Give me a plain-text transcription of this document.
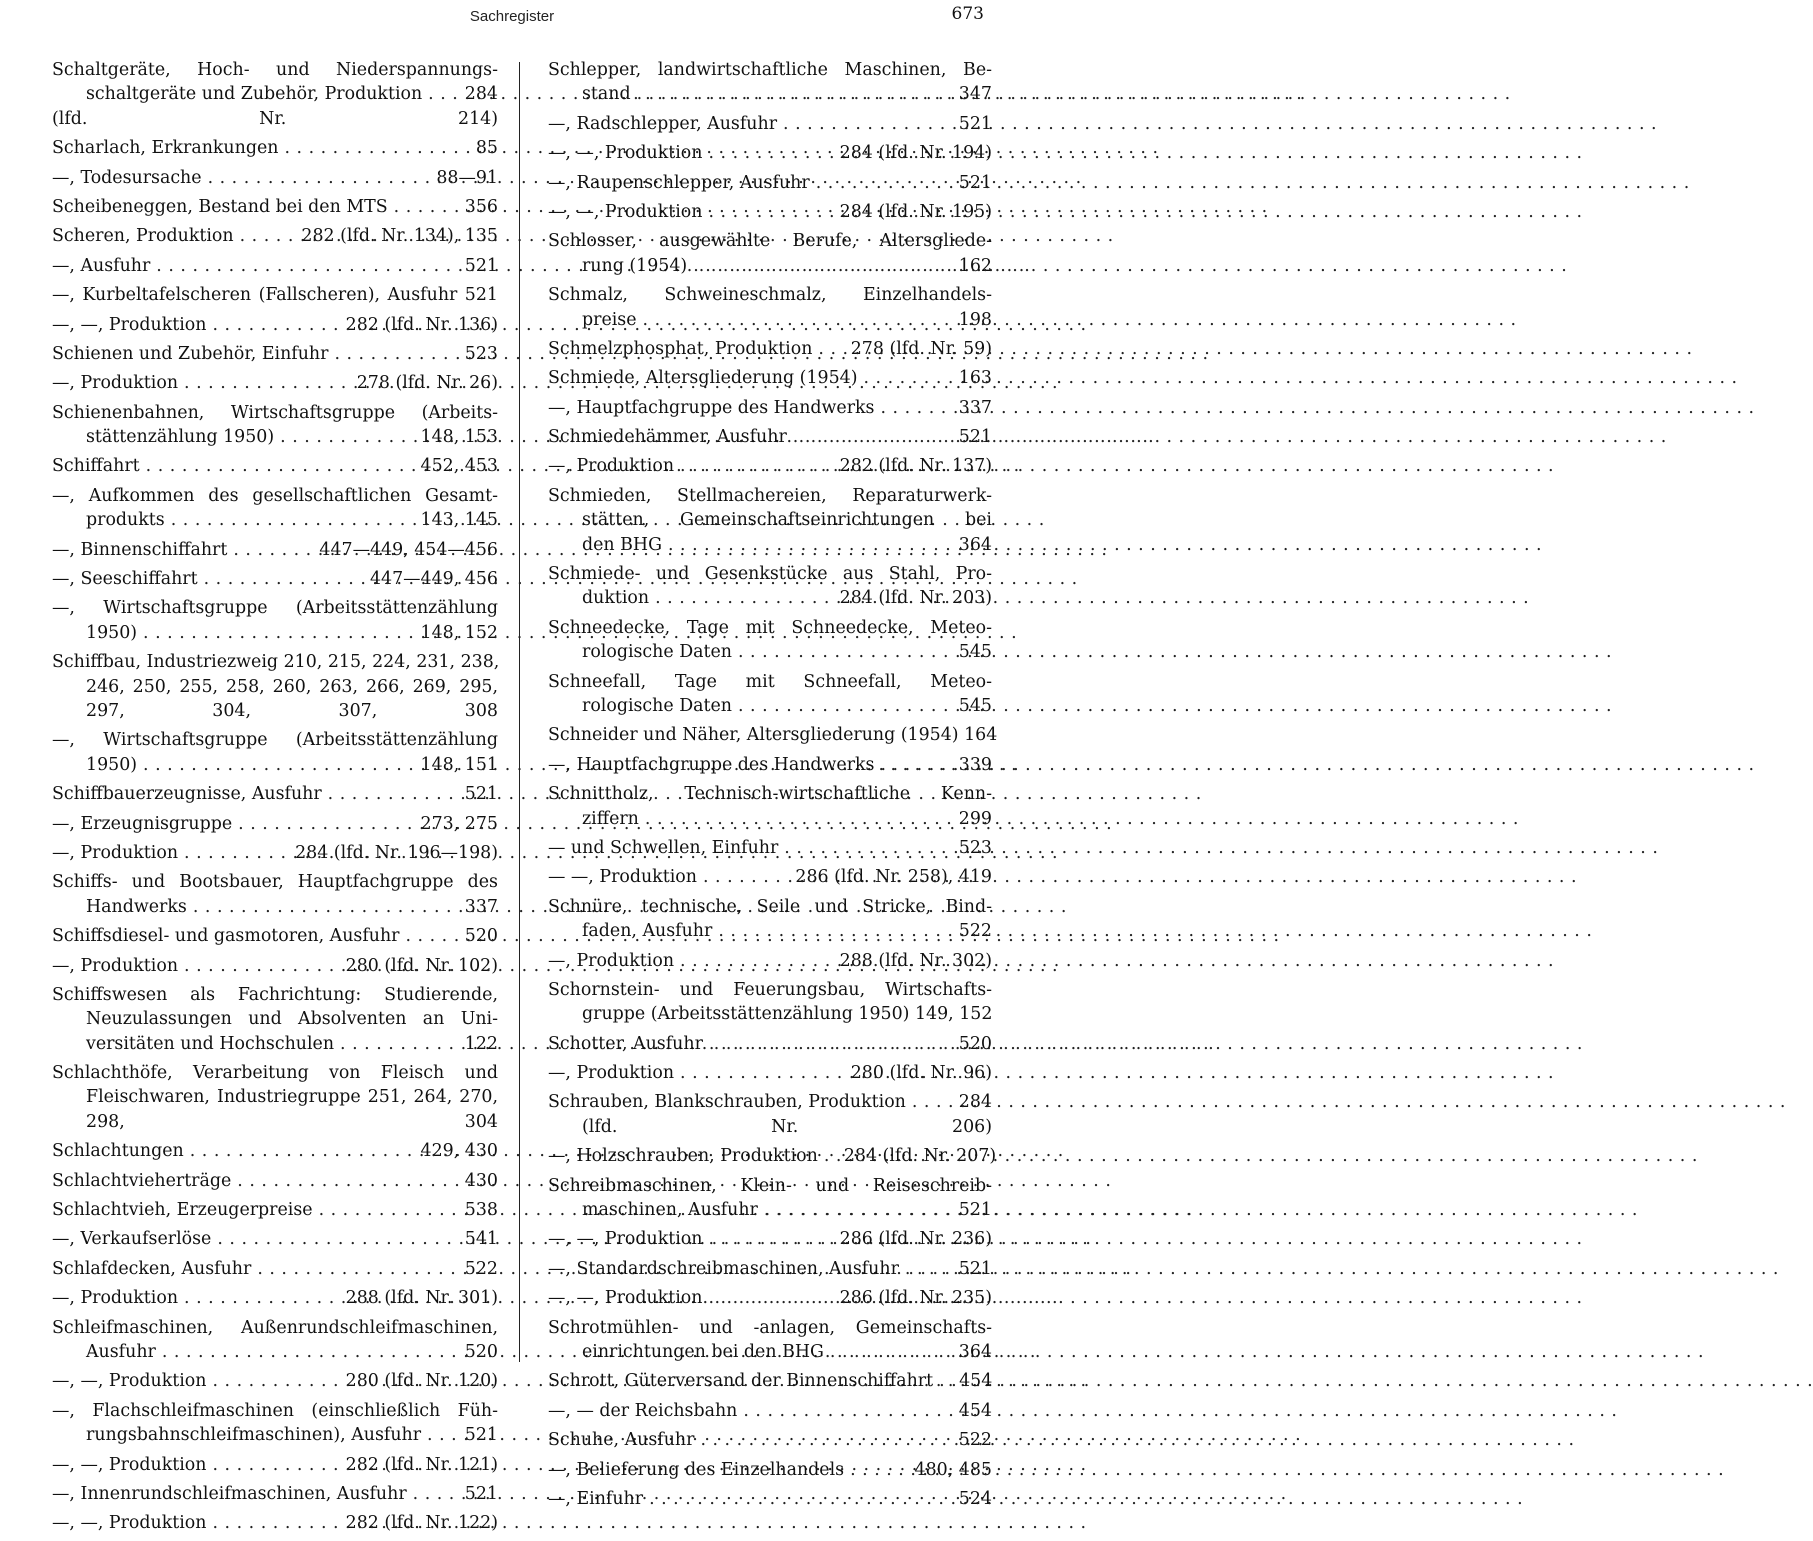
Sachregister	673
Schaltgeräte, Hoch- und Niederspannungs-
schaltgeräte und Zubehör, Produktion . . . 284
(lfd. Nr. 214)
Scharlach, Erkrankungen . . .	85
—, Todesursache . . .	88—91
Scheibeneggen, Bestand bei den MTS . . .	356
Scheren, Produktion . . .	282 (lfd. Nr. 134), 135
—, Ausfuhr . . .	521
—, Kurbeltafelscheren (Fallscheren), Ausfuhr 521
—, —, Produktion . . .	282 (lfd. Nr. 136)
Schienen und Zubehör, Einfuhr . . .	523
—, Produktion . . .	278 (lfd. Nr. 26)
Schienenbahnen, Wirtschaftsgruppe (Arbeits-
stättenzählung 1950) . . .	148, 153
Schiffahrt . . .	452, 453
—, Aufkommen des gesellschaftlichen Gesamt-
produkts . . .	143, 145
—, Binnenschiffahrt . . .	447—449, 454—456
—, Seeschiffahrt . . .	447—449, 456
—, Wirtschaftsgruppe (Arbeitsstättenzählung
1950) . . .	148, 152
Schiffbau, Industriezweig 210, 215, 224, 231, 238,
246, 250, 255, 258, 260, 263, 266, 269, 295,
297, 304, 307, 308
—, Wirtschaftsgruppe (Arbeitsstättenzählung
1950) . . .	148, 151
Schiffbauerzeugnisse, Ausfuhr . . .	521
—, Erzeugnisgruppe . . .	273, 275
—, Produktion . . .	284 (lfd. Nr. 196—198)
Schiffs- und Bootsbauer, Hauptfachgruppe des
Handwerks . . .	337
Schiffsdiesel- und gasmotoren, Ausfuhr . . .	520
—, Produktion . . .	280 (lfd. Nr. 102)
Schiffswesen als Fachrichtung: Studierende,
Neuzulassungen und Absolventen an Uni-
versitäten und Hochschulen . . .	122
Schlachthöfe, Verarbeitung von Fleisch und
Fleischwaren, Industriegruppe 251, 264, 270,
298, 304
Schlachtungen . . .	429, 430
Schlachtvieherträge . . .	430
Schlachtvieh, Erzeugerpreise . . .	538
—, Verkaufserlöse . . .	541
Schlafdecken, Ausfuhr . . .	522
—, Produktion . . .	288 (lfd. Nr. 301)
Schleifmaschinen, Außenrundschleifmaschinen,
Ausfuhr . . .	520
—, —, Produktion . . .	280 (lfd. Nr. 120)
—, Flachschleifmaschinen (einschließlich Füh-
rungsbahnschleifmaschinen), Ausfuhr . . .	521
—, —, Produktion . . .	282 (lfd. Nr. 121)
—, Innenrundschleifmaschinen, Ausfuhr . . .	521
—, —, Produktion . . .	282 (lfd. Nr. 122)
Schlepper, landwirtschaftliche Maschinen, Be-
stand . . .	347
—, Radschlepper, Ausfuhr . . .	521
—, —, Produktion . . .	284 (lfd. Nr. 194)
—, Raupenschlepper, Ausfuhr . . .	521
—, —, Produktion . . .	284 (lfd. Nr. 195)
Schlosser, ausgewählte Berufe, Altersgliede-
rung (1954) . . .	162
Schmalz, Schweineschmalz, Einzelhandels-
preise . . .	198
Schmelzphosphat, Produktion . . . 278 (lfd. Nr. 59)
Schmiede, Altersgliederung (1954) . . .	163
—, Hauptfachgruppe des Handwerks . . .	337
Schmiedehämmer, Ausfuhr . . .	521
—, Produktion . . .	282 (lfd. Nr. 137)
Schmieden, Stellmachereien, Reparaturwerk-
stätten, Gemeinschaftseinrichtungen bei
den BHG . . .	364
Schmiede- und Gesenkstücke aus Stahl, Pro-
duktion . . .	284 (lfd. Nr. 203)
Schneedecke, Tage mit Schneedecke, Meteo-
rologische Daten . . .	545
Schneefall, Tage mit Schneefall, Meteo-
rologische Daten . . .	545
Schneider und Näher, Altersgliederung (1954) 164
—, Hauptfachgruppe des Handwerks . . .	339
Schnittholz, Technisch-wirtschaftliche Kenn-
ziffern . . .	299
— und Schwellen, Einfuhr . . .	523
— —, Produktion . . .	286 (lfd. Nr. 258), 419
Schnüre, technische, Seile und Stricke, Bind-
faden, Ausfuhr . . .	522
—, Produktion . . .	288 (lfd. Nr. 302)
Schornstein- und Feuerungsbau, Wirtschafts-
gruppe (Arbeitsstättenzählung 1950) 149, 152
Schotter, Ausfuhr . . .	520
—, Produktion . . .	280 (lfd. Nr. 96)
Schrauben, Blankschrauben, Produktion . . .	284
(lfd. Nr. 206)
—, Holzschrauben, Produktion . . . 284 (lfd. Nr. 207)
Schreibmaschinen, Klein- und Reiseschreib-
maschinen, Ausfuhr . . .	521
—, —, Produktion . . .	286 (lfd. Nr. 236)
—, Standardschreibmaschinen, Ausfuhr . . .	521
—, —, Produktion . . .	286 (lfd. Nr. 235)
Schrotmühlen- und -anlagen, Gemeinschafts-
einrichtungen bei den BHG . . .	364
Schrott, Güterversand der Binnenschiffahrt . . . 454
—, — der Reichsbahn . . .	454
Schuhe, Ausfuhr . . .	522
—, Belieferung des Einzelhandels . . .	480, 485
—, Einfuhr . . .	524
